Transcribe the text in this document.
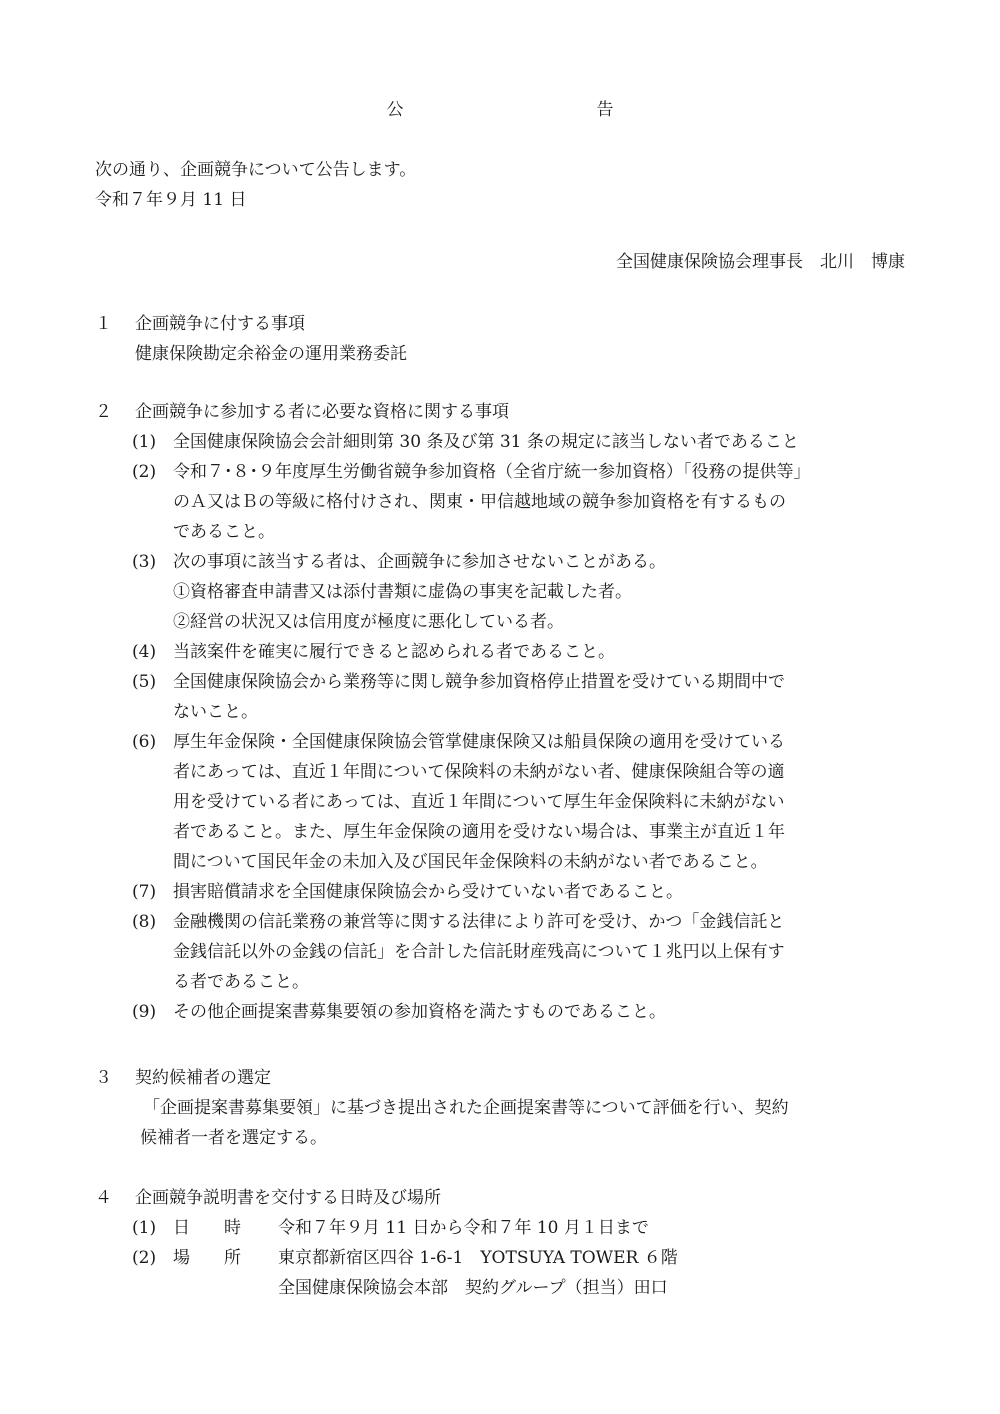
公　告
次の通り、企画競争について公告します。
令和７年９月 11 日
全国健康保険協会理事長　北川　博康
１ 企画競争に付する事項
健康保険勘定余裕金の運用業務委託
２ 企画競争に参加する者に必要な資格に関する事項
(1) 全国健康保険協会会計細則第 30 条及び第 31 条の規定に該当しない者であること
(2) 令和７･８･９年度厚生労働省競争参加資格（全省庁統一参加資格）「役務の提供等」
のＡ又はＢの等級に格付けされ、関東・甲信越地域の競争参加資格を有するもの
であること。
(3) 次の事項に該当する者は、企画競争に参加させないことがある。
①資格審査申請書又は添付書類に虚偽の事実を記載した者。
②経営の状況又は信用度が極度に悪化している者。
(4) 当該案件を確実に履行できると認められる者であること。
(5) 全国健康保険協会から業務等に関し競争参加資格停止措置を受けている期間中で
ないこと。
(6) 厚生年金保険・全国健康保険協会管掌健康保険又は船員保険の適用を受けている
者にあっては、直近１年間について保険料の未納がない者、健康保険組合等の適
用を受けている者にあっては、直近１年間について厚生年金保険料に未納がない
者であること。また、厚生年金保険の適用を受けない場合は、事業主が直近１年
間について国民年金の未加入及び国民年金保険料の未納がない者であること。
(7) 損害賠償請求を全国健康保険協会から受けていない者であること。
(8) 金融機関の信託業務の兼営等に関する法律により許可を受け、かつ「金銭信託と
金銭信託以外の金銭の信託」を合計した信託財産残高について１兆円以上保有す
る者であること。
(9) その他企画提案書募集要領の参加資格を満たすものであること。
３ 契約候補者の選定
「企画提案書募集要領」に基づき提出された企画提案書等について評価を行い、契約
候補者一者を選定する。
４ 企画競争説明書を交付する日時及び場所
(1) 日　　時	令和７年９月 11 日から令和７年 10 月１日まで
(2) 場　　所	東京都新宿区四谷 1-6-1　YOTSUYA TOWER ６階
全国健康保険協会本部　契約グループ（担当）田口
